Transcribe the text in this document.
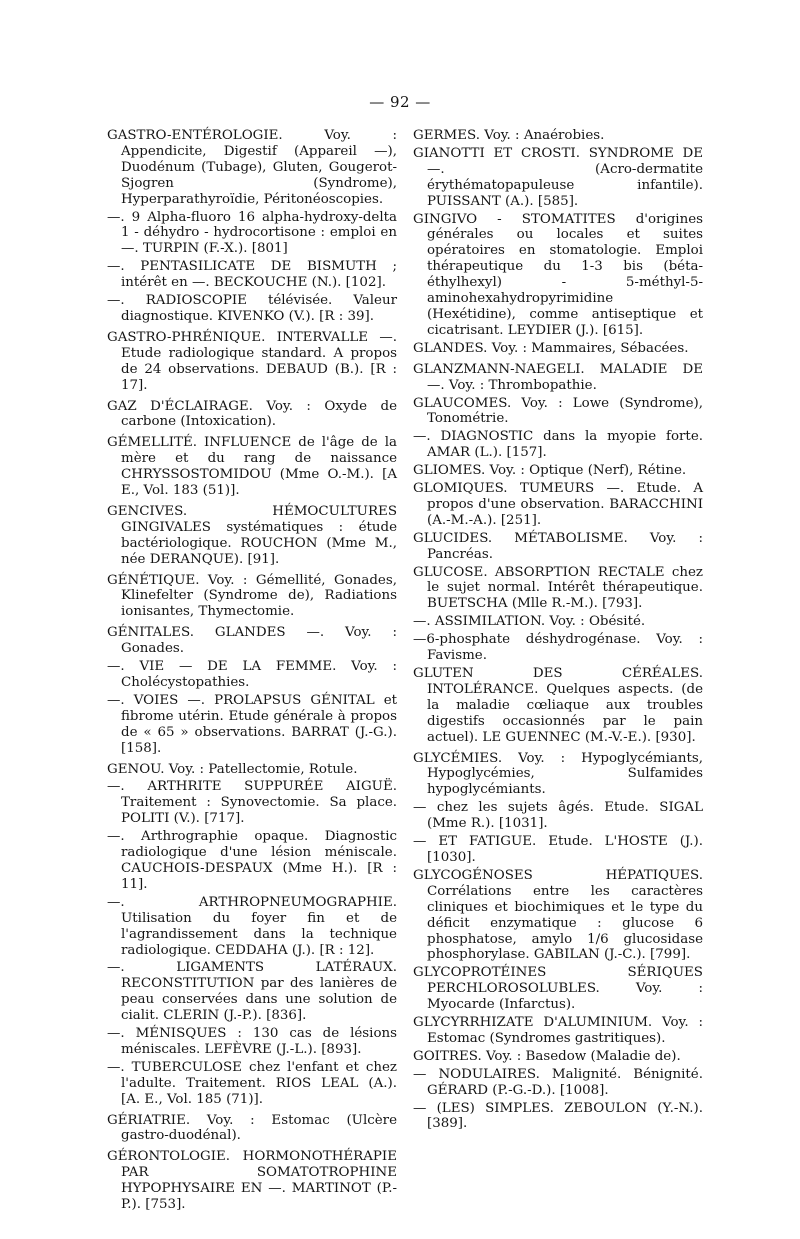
— 92 —

GASTRO-ENTÉROLOGIE. Voy. : Appendicite, Digestif (Appareil —), Duodénum (Tubage), Gluten, Gougerot-Sjogren (Syndrome), Hyperparathyroïdie, Péritonéoscopies.

—. 9 Alpha-fluoro 16 alpha-hydroxy-delta 1 - déhydro - hydrocortisone : emploi en —. TURPIN (F.-X.). [801]

—. PENTASILICATE DE BISMUTH ; intérêt en —. BECKOUCHE (N.). [102].

—. RADIOSCOPIE télévisée. Valeur diagnostique. KIVENKO (V.). [R : 39].

GASTRO-PHRÉNIQUE. INTERVALLE —. Etude radiologique standard. A propos de 24 observations. DEBAUD (B.). [R : 17].

GAZ D'ÉCLAIRAGE. Voy. : Oxyde de carbone (Intoxication).

GÉMELLITÉ. INFLUENCE de l'âge de la mère et du rang de naissance CHRYSSOSTOMIDOU (Mme O.-M.). [A E., Vol. 183 (51)].

GENCIVES. HÉMOCULTURES GINGIVALES systématiques : étude bactériologique. ROUCHON (Mme M., née DERANQUE). [91].

GÉNÉTIQUE. Voy. : Gémellité, Gonades, Klinefelter (Syndrome de), Radiations ionisantes, Thymectomie.

GÉNITALES. GLANDES —. Voy. : Gonades.

—. VIE — DE LA FEMME. Voy. : Cholécystopathies.

—. VOIES —. PROLAPSUS GÉNITAL et fibrome utérin. Etude générale à propos de « 65 » observations. BARRAT (J.-G.). [158].

GENOU. Voy. : Patellectomie, Rotule.

—. ARTHRITE SUPPURÉE AIGUË. Traitement : Synovectomie. Sa place. POLITI (V.). [717].

—. Arthrographie opaque. Diagnostic radiologique d'une lésion méniscale. CAUCHOIS-DESPAUX (Mme H.). [R : 11].

—. ARTHROPNEUMOGRAPHIE. Utilisation du foyer fin et de l'agrandissement dans la technique radiologique. CEDDAHA (J.). [R : 12].

—. LIGAMENTS LATÉRAUX. RECONSTITUTION par des lanières de peau conservées dans une solution de cialit. CLERIN (J.-P.). [836].

—. MÉNISQUES : 130 cas de lésions méniscales. LEFÈVRE (J.-L.). [893].

—. TUBERCULOSE chez l'enfant et chez l'adulte. Traitement. RIOS LEAL (A.). [A. E., Vol. 185 (71)].

GÉRIATRIE. Voy. : Estomac (Ulcère gastro-duodénal).

GÉRONTOLOGIE. HORMONOTHÉRAPIE PAR SOMATOTROPHINE HYPOPHYSAIRE EN —. MARTINOT (P.-P.). [753].

GERMES. Voy. : Anaérobies.

GIANOTTI ET CROSTI. SYNDROME DE —. (Acro-dermatite érythématopapuleuse infantile). PUISSANT (A.). [585].

GINGIVO - STOMATITES d'origines générales ou locales et suites opératoires en stomatologie. Emploi thérapeutique du 1-3 bis (béta-éthylhexyl) - 5-méthyl-5-aminohexahydropyrimidine (Hexétidine), comme antiseptique et cicatrisant. LEYDIER (J.). [615].

GLANDES. Voy. : Mammaires, Sébacées.

GLANZMANN-NAEGELI. MALADIE DE —. Voy. : Thrombopathie.

GLAUCOMES. Voy. : Lowe (Syndrome), Tonométrie.

—. DIAGNOSTIC dans la myopie forte. AMAR (L.). [157].

GLIOMES. Voy. : Optique (Nerf), Rétine.

GLOMIQUES. TUMEURS —. Etude. A propos d'une observation. BARACCHINI (A.-M.-A.). [251].

GLUCIDES. MÉTABOLISME. Voy. : Pancréas.

GLUCOSE. ABSORPTION RECTALE chez le sujet normal. Intérêt thérapeutique. BUETSCHA (Mlle R.-M.). [793].

—. ASSIMILATION. Voy. : Obésité.

—6-phosphate déshydrogénase. Voy. : Favisme.

GLUTEN DES CÉRÉALES. INTOLÉRANCE. Quelques aspects. (de la maladie cœliaque aux troubles digestifs occasionnés par le pain actuel). LE GUENNEC (M.-V.-E.). [930].

GLYCÉMIES. Voy. : Hypoglycémiants, Hypoglycémies, Sulfamides hypoglycémiants.

— chez les sujets âgés. Etude. SIGAL (Mme R.). [1031].

— ET FATIGUE. Etude. L'HOSTE (J.). [1030].

GLYCOGÉNOSES HÉPATIQUES. Corrélations entre les caractères cliniques et biochimiques et le type du déficit enzymatique : glucose 6 phosphatose, amylo 1/6 glucosidase phosphorylase. GABILAN (J.-C.). [799].

GLYCOPROTÉINES SÉRIQUES PERCHLOROSOLUBLES. Voy. : Myocarde (Infarctus).

GLYCYRRHIZATE D'ALUMINIUM. Voy. : Estomac (Syndromes gastritiques).

GOITRES. Voy. : Basedow (Maladie de).

— NODULAIRES. Malignité. Bénignité. GÉRARD (P.-G.-D.). [1008].

— (LES) SIMPLES. ZEBOULON (Y.-N.). [389].
